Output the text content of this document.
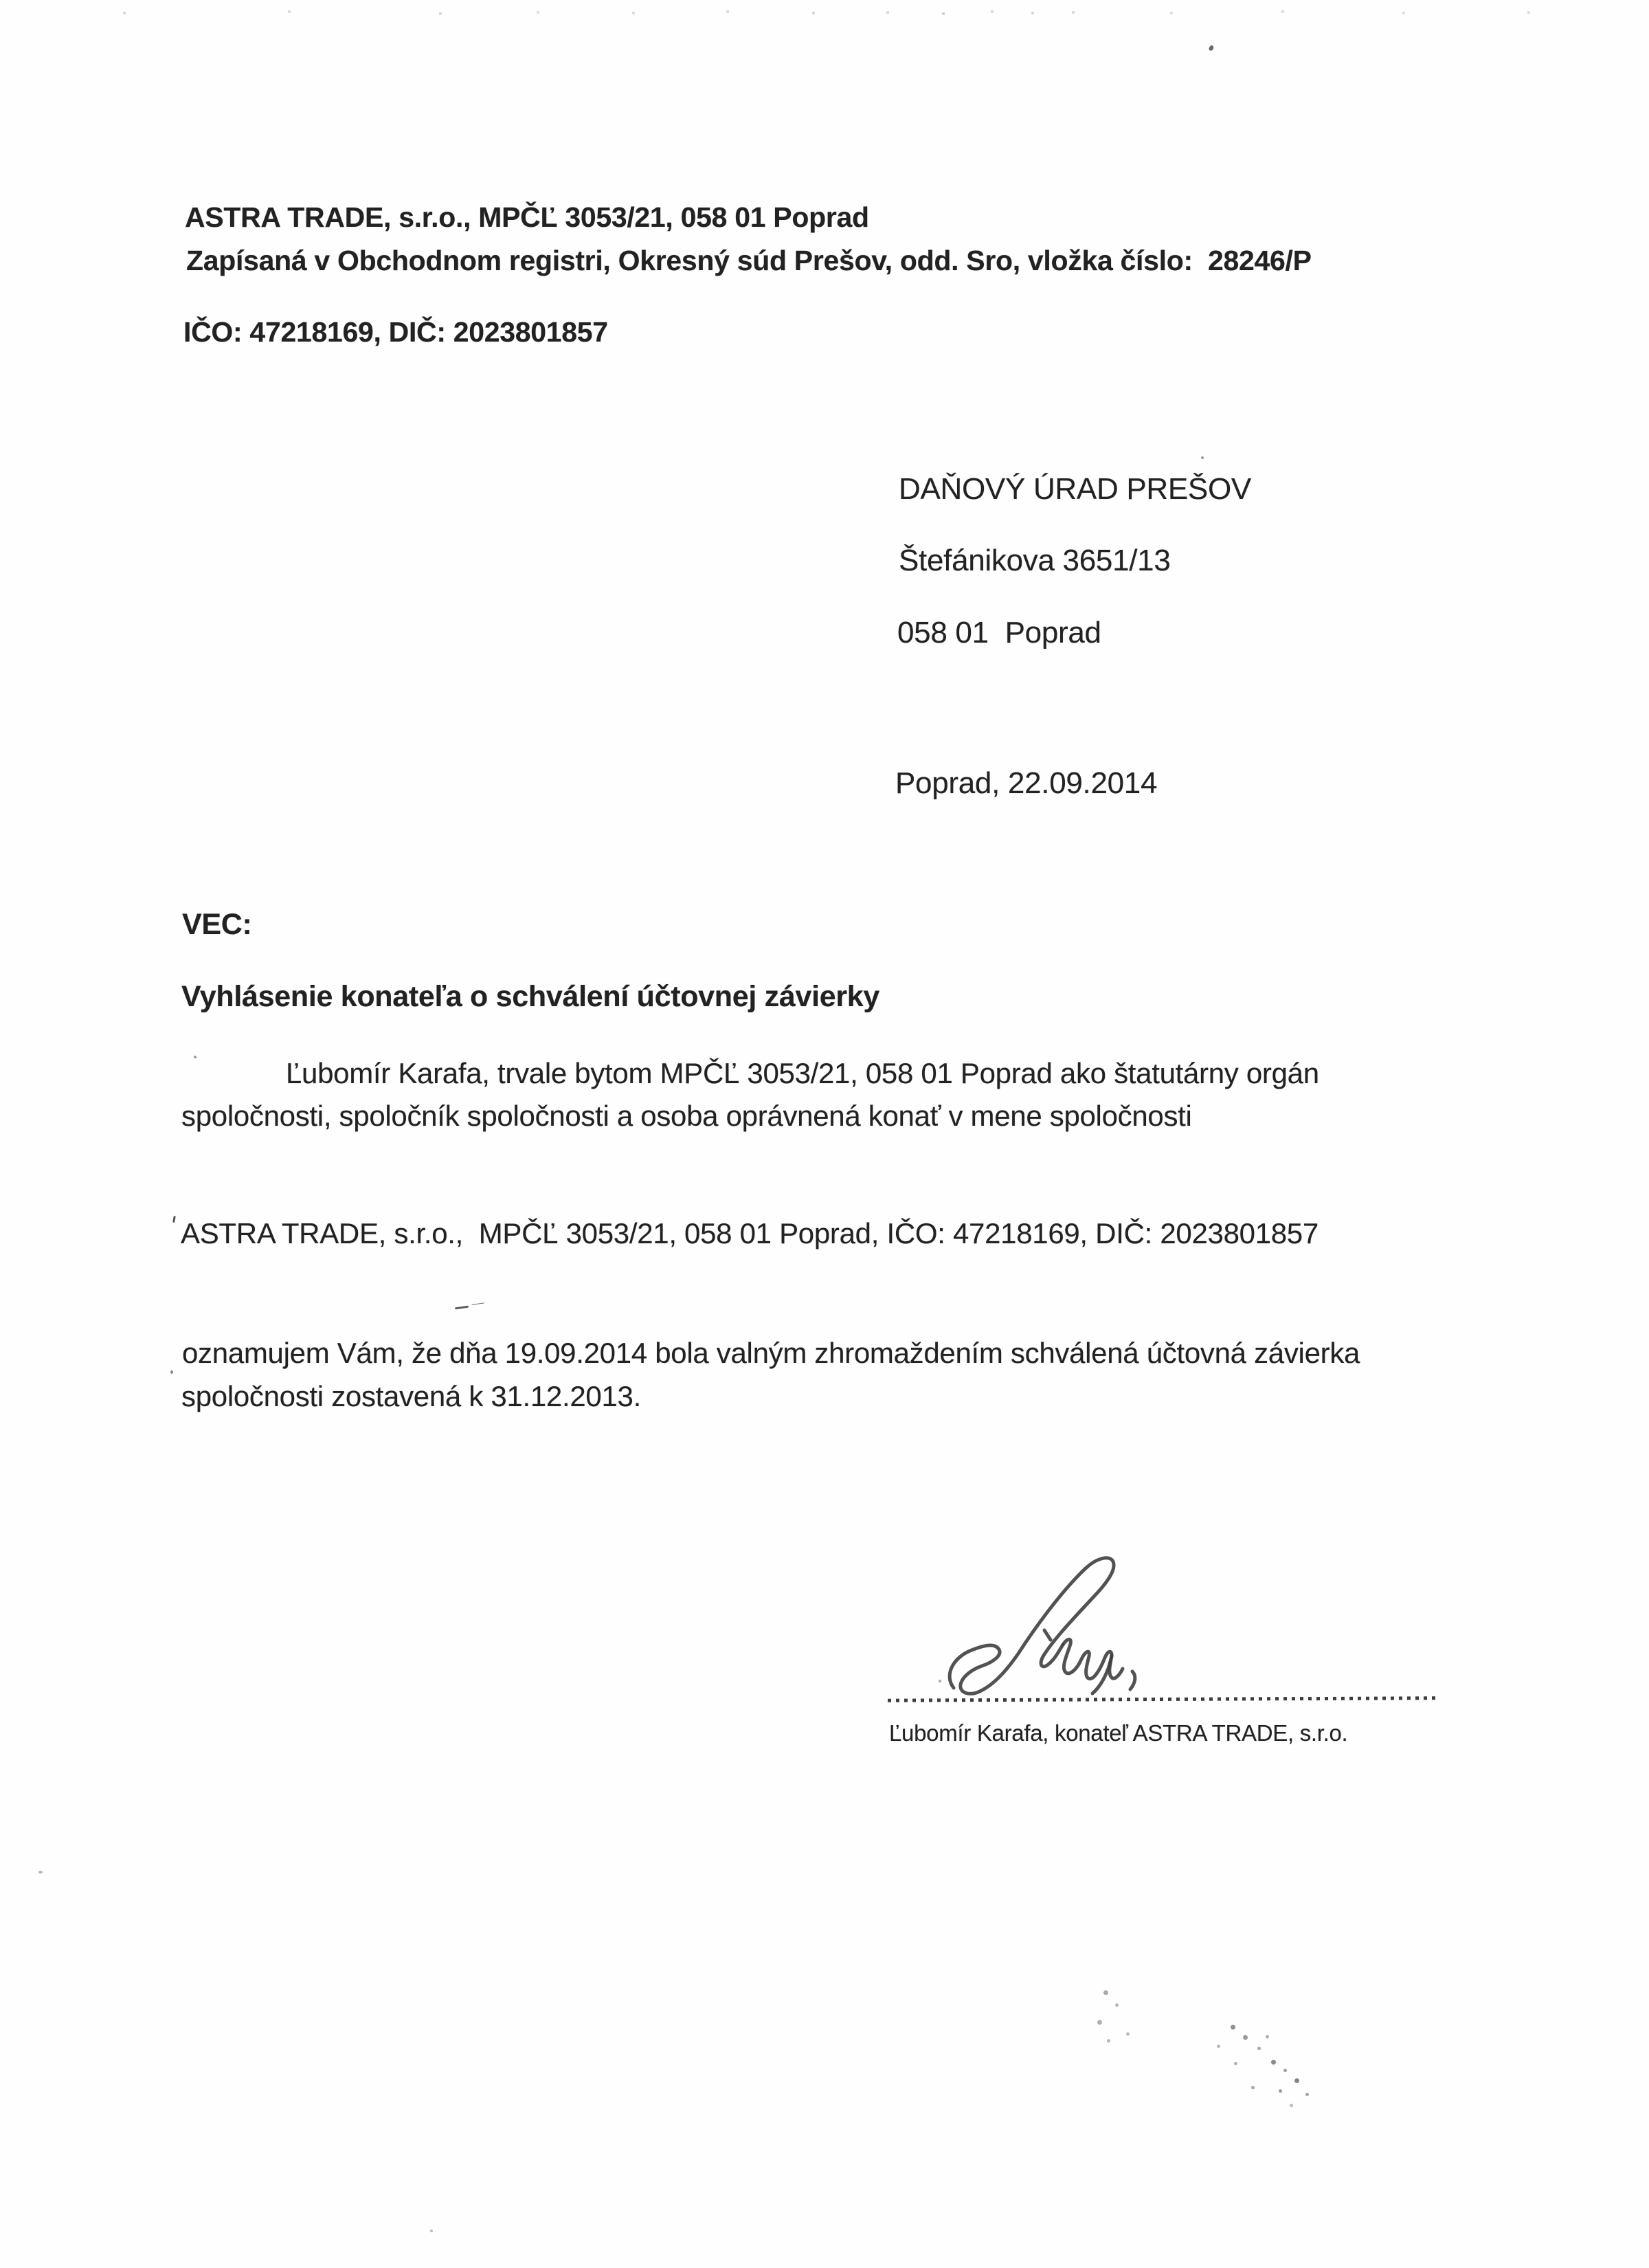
ASTRA TRADE, s.r.o., MPČĽ 3053/21, 058 01 Poprad
Zapísaná v Obchodnom registri, Okresný súd Prešov, odd. Sro, vložka číslo:  28246/P
IČO: 47218169, DIČ: 2023801857
DAŇOVÝ ÚRAD PREŠOV
Štefánikova 3651/13
058 01  Poprad
Poprad, 22.09.2014
VEC:
Vyhlásenie konateľa o schválení účtovnej závierky
Ľubomír Karafa, trvale bytom MPČĽ 3053/21, 058 01 Poprad ako štatutárny orgán
spoločnosti, spoločník spoločnosti a osoba oprávnená konať v mene spoločnosti
ASTRA TRADE, s.r.o.,  MPČĽ 3053/21, 058 01 Poprad, IČO: 47218169, DIČ: 2023801857
oznamujem Vám, že dňa 19.09.2014 bola valným zhromaždením schválená účtovná závierka
spoločnosti zostavená k 31.12.2013.
Ľubomír Karafa, konateľ ASTRA TRADE, s.r.o.
